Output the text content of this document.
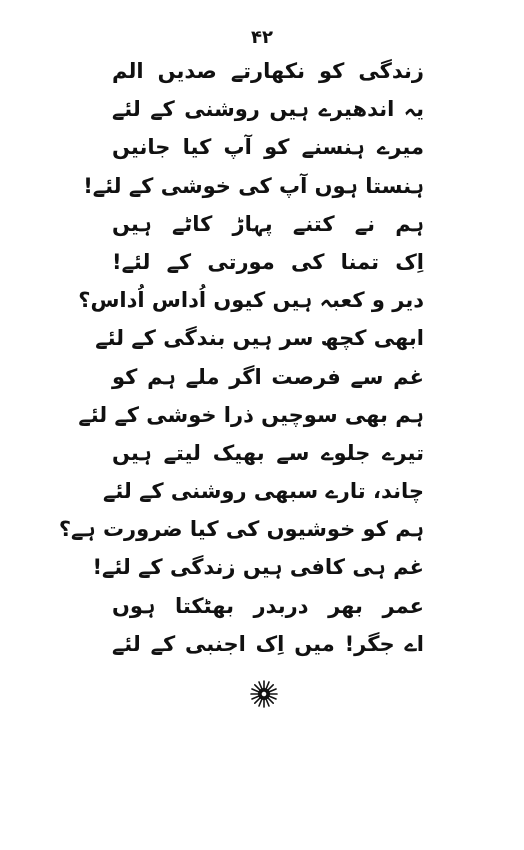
۴۲
زندگی کو نکھارتے صدیں الم
یہ اندھیرے ہیں روشنی کے لئے
میرے ہنسنے کو آپ کیا جانیں
ہنستا ہوں آپ کی خوشی کے لئے!
ہم نے کتنے پہاڑ کاٹے ہیں
اِک تمنا کی مورتی کے لئے!
دیر و کعبہ ہیں کیوں اُداس اُداس؟
ابھی کچھ سر ہیں بندگی کے لئے
غم سے فرصت اگر ملے ہم کو
ہم بھی سوچیں ذرا خوشی کے لئے
تیرے جلوے سے بھیک لیتے ہیں
چاند، تارے سبھی روشنی کے لئے
ہم کو خوشیوں کی کیا ضرورت ہے؟
غم ہی کافی ہیں زندگی کے لئے!
عمر بھر دربدر بھٹکتا ہوں
اے جگر! میں اِک اجنبی کے لئے
